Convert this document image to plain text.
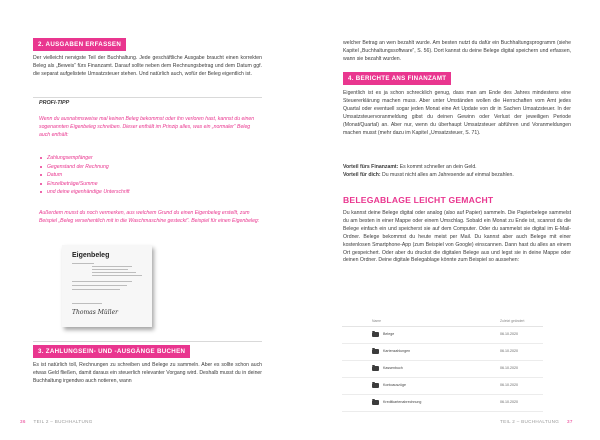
2. AUSGABEN ERFASSEN
Der vielleicht nervigste Teil der Buchhaltung. Jede geschäftliche Ausgabe braucht einen korrekten Beleg als „Beweis“ fürs Finanzamt. Darauf sollte neben dem Rechnungsbetrag und dem Datum ggf. die separat aufgelistete Umsatzsteuer stehen. Und natürlich auch, wofür der Beleg eigentlich ist.
PROFI-TIPP
Wenn du ausnahmsweise mal keinen Beleg bekommst oder ihn verloren hast, kannst du einen sogenannten Eigenbeleg schreiben. Dieser enthält im Prinzip alles, was ein „normaler“ Beleg auch enthält:
Zahlungsempfänger
Gegenstand der Rechnung
Datum
Einzelbeträge/Summe
und deine eigenhändige Unterschrift
Außerdem musst du noch vermerken, aus welchem Grund du einen Eigenbeleg erstellt, zum Beispiel „Beleg versehentlich mit in die Waschmaschine gesteckt“. Beispiel für einen Eigenbeleg:
Eigenbeleg
Thomas Müller
3. ZAHLUNGSEIN- UND -AUSGÄNGE BUCHEN
Es ist natürlich toll, Rechnungen zu schreiben und Belege zu sammeln. Aber es sollte schon auch etwas Geld fließen, damit daraus ein steuerlich relevanter Vorgang wird. Deshalb musst du in deiner Buchhaltung irgendwo auch notieren, wann
36 TEIL 2 – BUCHHALTUNG
welcher Betrag an wen bezahlt wurde. Am besten nutzt du dafür ein Buchhaltungsprogramm (siehe Kapitel „Buchhaltungssoftware“, S. 56). Dort kannst du deine Belege digital speichern und erfassen, wann sie bezahlt wurden.
4. BERICHTE ANS FINANZAMT
Eigentlich ist es ja schon schrecklich genug, dass man am Ende des Jahres mindestens eine Steuererklärung machen muss. Aber unter Umständen wollen die Herrschaften vom Amt jedes Quartal oder eventuell sogar jeden Monat eine Art Update von dir in Sachen Umsatzsteuer. In der Umsatzsteuervoranmeldung gibst du deinen Gewinn oder Verlust der jeweiligen Periode (Monat/Quartal) an. Aber nur, wenn du überhaupt Umsatzsteuer abführen und Voranmeldungen machen musst (mehr dazu im Kapitel „Umsatzsteuer, S. 71).
Vorteil fürs Finanzamt: Es kommt schneller an dein Geld.
Vorteil für dich: Du musst nicht alles am Jahresende auf einmal bezahlen.
BELEGABLAGE LEICHT GEMACHT
Du kannst deine Belege digital oder analog (also auf Papier) sammeln. Die Papierbelege sammelst du am besten in einer Mappe oder einem Umschlag. Sobald ein Monat zu Ende ist, scannst du die Belege einfach ein und speicherst sie auf dem Computer. Oder du sammelst sie digital im E-Mail-Ordner. Belege bekommst du heute meist per Mail. Du kannst aber auch Belege mit einer kostenlosen Smartphone-App (zum Beispiel von Google) einscannen. Dann hast du alles an einem Ort gespeichert. Oder aber du druckst die digitalen Belege aus und legst sie in deine Mappe oder deinen Ordner. Deine digitale Belegablage könnte zum Beispiel so aussehen:
Name	Zuletzt geändert
Belege	06.10.2020
Kartenzahlungen	06.10.2020
Kassenbuch	06.10.2020
Kontoauszüge	06.10.2020
Kreditkartenabrechnung	06.10.2020
TEIL 2 – BUCHHALTUNG 37
